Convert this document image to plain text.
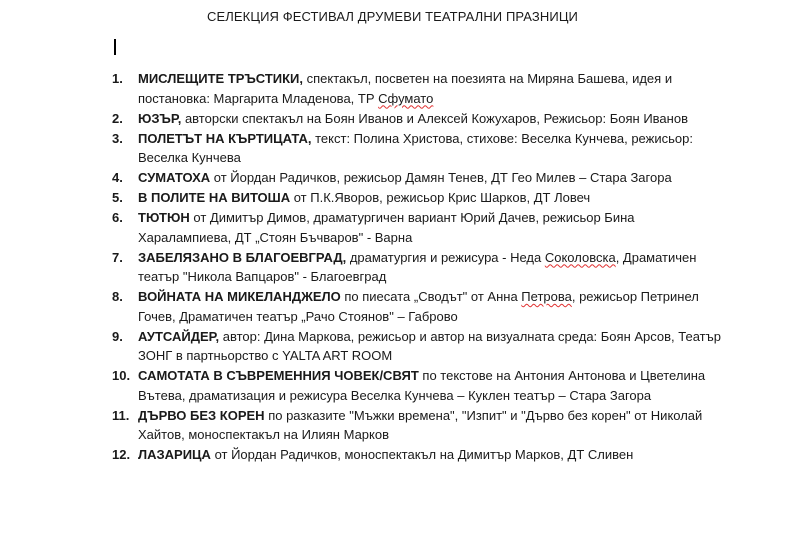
СЕЛЕКЦИЯ ФЕСТИВАЛ ДРУМЕВИ ТЕАТРАЛНИ ПРАЗНИЦИ
1. МИСЛЕЩИТЕ ТРЪСТИКИ, спектакъл, посветен на поезията на Миряна Башева, идея и постановка: Маргарита Младенова, ТР Сфумато
2. ЮЗЪР, авторски спектакъл на Боян Иванов и Алексей Кожухаров, Режисьор: Боян Иванов
3. ПОЛЕТЪТ НА КЪРТИЦАТА, текст: Полина Христова, стихове: Веселка Кунчева, режисьор: Веселка Кунчева
4. СУМАТОХА от Йордан Радичков, режисьор Дамян Тенев, ДТ Гео Милев – Стара Загора
5. В ПОЛИТЕ НА ВИТОША от П.К.Яворов, режисьор Крис Шарков, ДТ Ловеч
6. ТЮТЮН от Димитър Димов, драматургичен вариант Юрий Дачев, режисьор Бина Харалампиева, ДТ „Стоян Бъчваров" - Варна
7. ЗАБЕЛЯЗАНО В БЛАГОЕВГРАД, драматургия и режисура - Неда Соколовска, Драматичен театър "Никола Вапцаров" - Благоевград
8. ВОЙНАТА НА МИКЕЛАНДЖЕЛО по пиесата „Сводът" от Анна Петрова, режисьор Петринел Гочев, Драматичен театър „Рачо Стоянов" – Габрово
9. АУТСАЙДЕР, автор: Дина Маркова, режисьор и автор на визуалната среда: Боян Арсов, Театър ЗОНГ в партньорство с YALTA ART ROOM
10. САМОТАТА В СЪВРЕМЕННИЯ ЧОВЕК/СВЯТ по текстове на Антония Антонова и Цветелина Вътева, драматизация и режисура Веселка Кунчева – Куклен театър – Стара Загора
11. ДЪРВО БЕЗ КОРЕН по разказите "Мъжки времена", "Изпит" и "Дърво без корен" от Николай Хайтов, моноспектакъл на Илиян Марков
12. ЛАЗАРИЦА от Йордан Радичков, моноспектакъл на Димитър Марков, ДТ Сливен
